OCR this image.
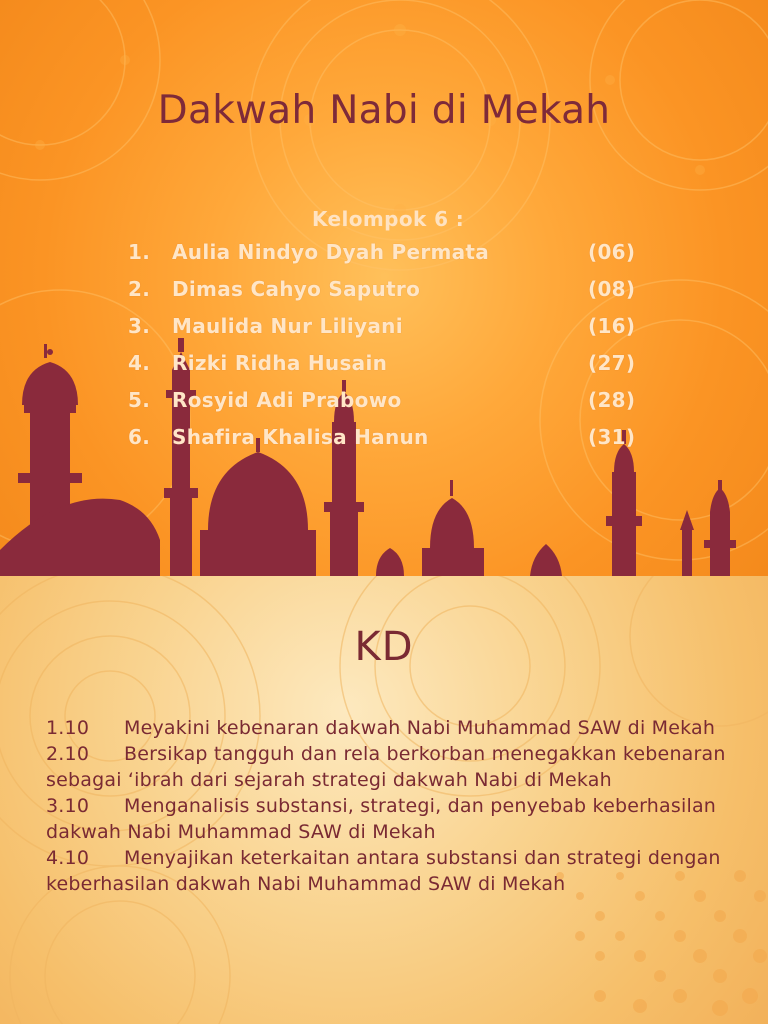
Dakwah Nabi di Mekah
Kelompok 6 :
1.	Aulia Nindyo Dyah Permata	(06)
2.	Dimas Cahyo Saputro	(08)
3.	Maulida Nur Liliyani	(16)
4.	Rizki Ridha Husain	(27)
5.	Rosyid Adi Prabowo	(28)
6.	Shafira Khalisa Hanun	(31)
KD
1.10 Meyakini kebenaran dakwah Nabi Muhammad SAW di Mekah
2.10 Bersikap tangguh dan rela berkorban menegakkan kebenaran sebagai ‘ibrah dari sejarah strategi dakwah Nabi di Mekah
3.10 Menganalisis substansi, strategi, dan penyebab keberhasilan dakwah Nabi Muhammad SAW di Mekah
4.10 Menyajikan keterkaitan antara substansi dan strategi dengan keberhasilan dakwah Nabi Muhammad SAW di Mekah
